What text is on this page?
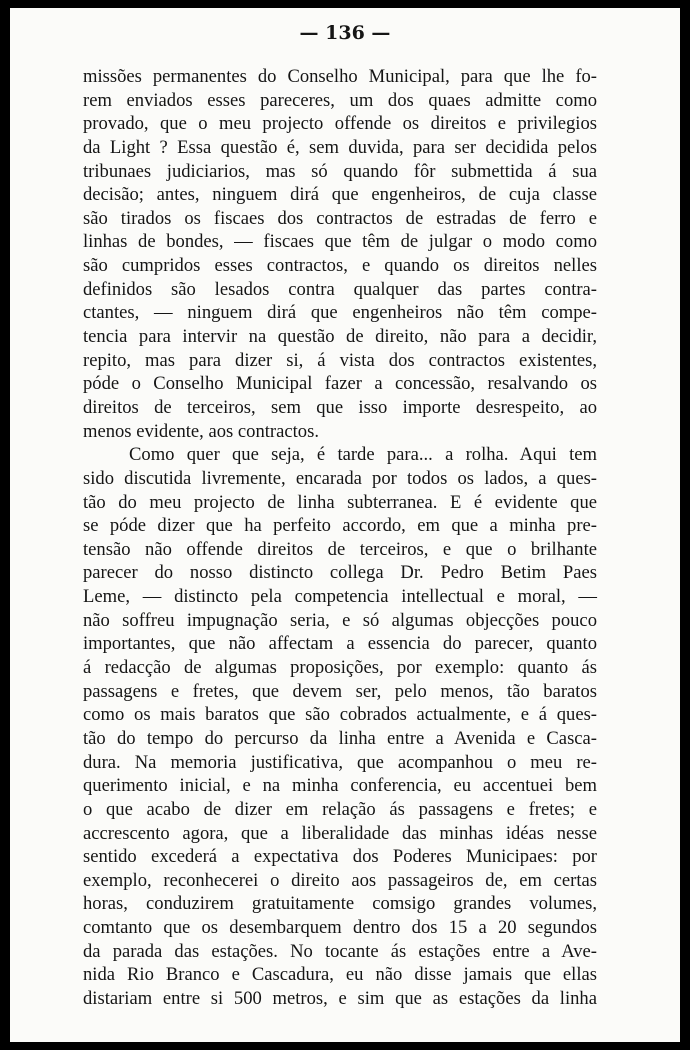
— 136 —
missões permanentes do Conselho Municipal, para que lhe fo-
rem enviados esses pareceres, um dos quaes admitte como
provado, que o meu projecto offende os direitos e privilegios
da Light ? Essa questão é, sem duvida, para ser decidida pelos
tribunaes judiciarios, mas só quando fôr submettida á sua
decisão; antes, ninguem dirá que engenheiros, de cuja classe
são tirados os fiscaes dos contractos de estradas de ferro e
linhas de bondes, — fiscaes que têm de julgar o modo como
são cumpridos esses contractos, e quando os direitos nelles
definidos são lesados contra qualquer das partes contra-
ctantes, — ninguem dirá que engenheiros não têm compe-
tencia para intervir na questão de direito, não para a decidir,
repito, mas para dizer si, á vista dos contractos existentes,
póde o Conselho Municipal fazer a concessão, resalvando os
direitos de terceiros, sem que isso importe desrespeito, ao
menos evidente, aos contractos.
Como quer que seja, é tarde para... a rolha. Aqui tem
sido discutida livremente, encarada por todos os lados, a ques-
tão do meu projecto de linha subterranea. E é evidente que
se póde dizer que ha perfeito accordo, em que a minha pre-
tensão não offende direitos de terceiros, e que o brilhante
parecer do nosso distincto collega Dr. Pedro Betim Paes
Leme, — distincto pela competencia intellectual e moral, —
não soffreu impugnação seria, e só algumas objecções pouco
importantes, que não affectam a essencia do parecer, quanto
á redacção de algumas proposições, por exemplo: quanto ás
passagens e fretes, que devem ser, pelo menos, tão baratos
como os mais baratos que são cobrados actualmente, e á ques-
tão do tempo do percurso da linha entre a Avenida e Casca-
dura. Na memoria justificativa, que acompanhou o meu re-
querimento inicial, e na minha conferencia, eu accentuei bem
o que acabo de dizer em relação ás passagens e fretes; e
accrescento agora, que a liberalidade das minhas idéas nesse
sentido excederá a expectativa dos Poderes Municipaes: por
exemplo, reconhecerei o direito aos passageiros de, em certas
horas, conduzirem gratuitamente comsigo grandes volumes,
comtanto que os desembarquem dentro dos 15 a 20 segundos
da parada das estações. No tocante ás estações entre a Ave-
nida Rio Branco e Cascadura, eu não disse jamais que ellas
distariam entre si 500 metros, e sim que as estações da linha
